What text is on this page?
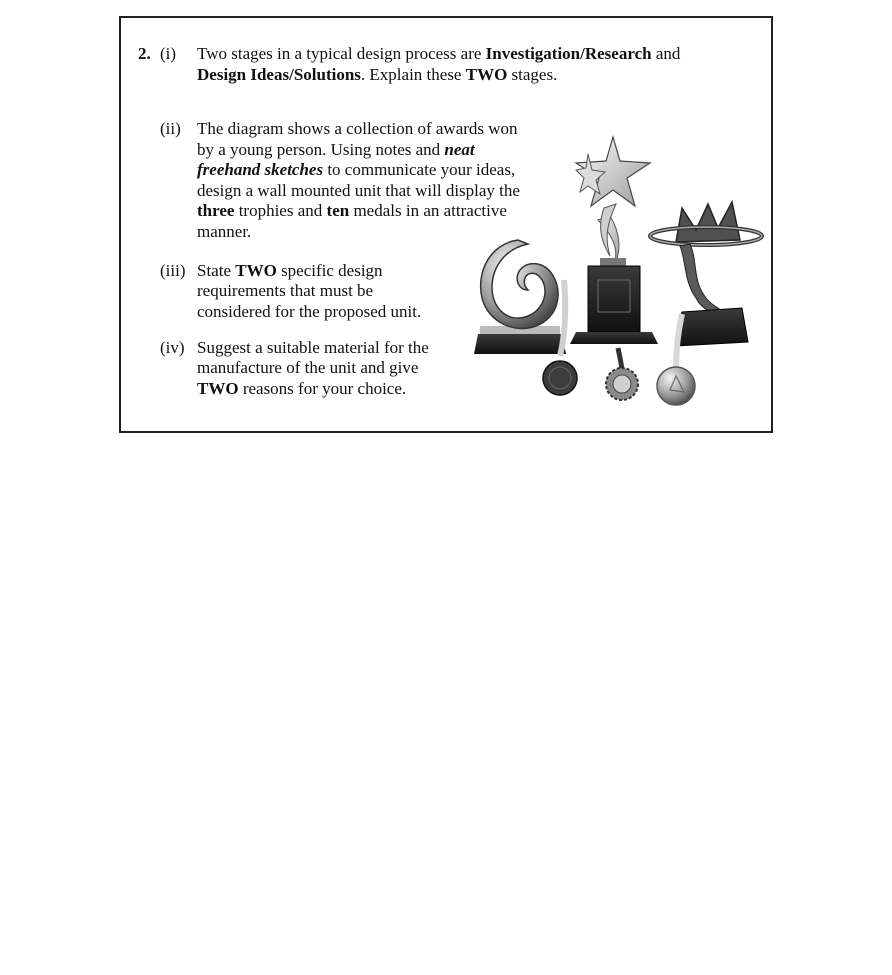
2. (i) Two stages in a typical design process are Investigation/Research and
Design Ideas/Solutions. Explain these TWO stages.
(ii) The diagram shows a collection of awards won
by a young person. Using notes and neat
freehand sketches to communicate your ideas,
design a wall mounted unit that will display the
three trophies and ten medals in an attractive
manner.
(iii) State TWO specific design
requirements that must be
considered for the proposed unit.
(iv) Suggest a suitable material for the
manufacture of the unit and give
TWO reasons for your choice.
